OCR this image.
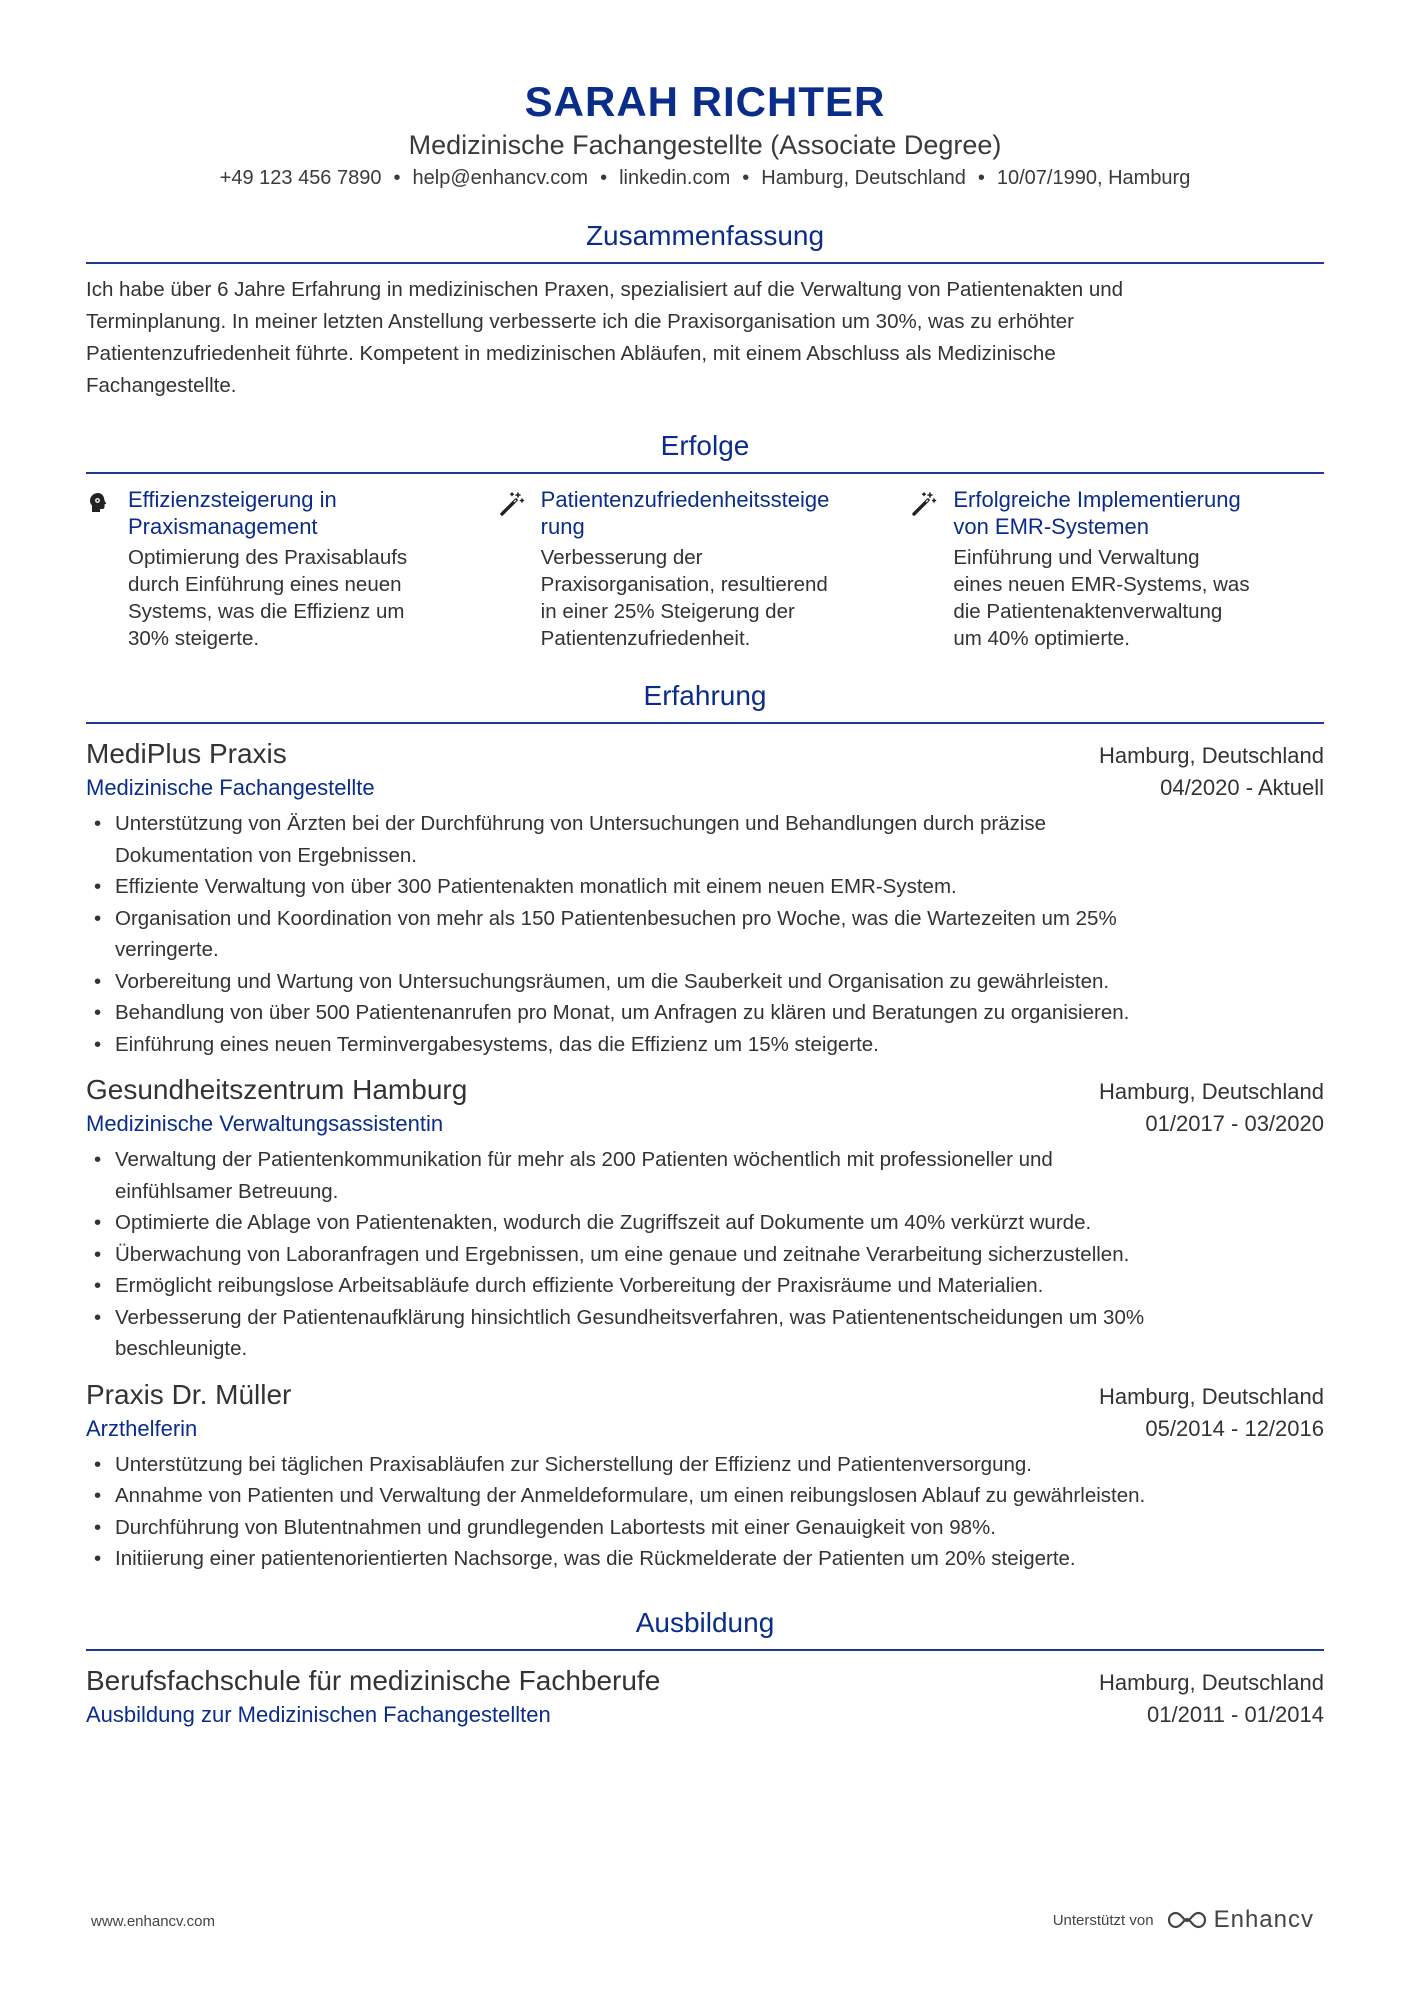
SARAH RICHTER
Medizinische Fachangestellte (Associate Degree)
+49 123 456 7890 • help@enhancv.com • linkedin.com • Hamburg, Deutschland • 10/07/1990, Hamburg
Zusammenfassung
Ich habe über 6 Jahre Erfahrung in medizinischen Praxen, spezialisiert auf die Verwaltung von Patientenakten und
Terminplanung. In meiner letzten Anstellung verbesserte ich die Praxisorganisation um 30%, was zu erhöhter
Patientenzufriedenheit führte. Kompetent in medizinischen Abläufen, mit einem Abschluss als Medizinische
Fachangestellte.
Erfolge
Effizienzsteigerung in
Praxismanagement
Optimierung des Praxisablaufs
durch Einführung eines neuen
Systems, was die Effizienz um
30% steigerte.
Patientenzufriedenheitssteige
rung
Verbesserung der
Praxisorganisation, resultierend
in einer 25% Steigerung der
Patientenzufriedenheit.
Erfolgreiche Implementierung
von EMR-Systemen
Einführung und Verwaltung
eines neuen EMR-Systems, was
die Patientenaktenverwaltung
um 40% optimierte.
Erfahrung
MediPlus Praxis	Hamburg, Deutschland
Medizinische Fachangestellte	04/2020 - Aktuell
• Unterstützung von Ärzten bei der Durchführung von Untersuchungen und Behandlungen durch präzise
Dokumentation von Ergebnissen.
• Effiziente Verwaltung von über 300 Patientenakten monatlich mit einem neuen EMR-System.
• Organisation und Koordination von mehr als 150 Patientenbesuchen pro Woche, was die Wartezeiten um 25%
verringerte.
• Vorbereitung und Wartung von Untersuchungsräumen, um die Sauberkeit und Organisation zu gewährleisten.
• Behandlung von über 500 Patientenanrufen pro Monat, um Anfragen zu klären und Beratungen zu organisieren.
• Einführung eines neuen Terminvergabesystems, das die Effizienz um 15% steigerte.
Gesundheitszentrum Hamburg	Hamburg, Deutschland
Medizinische Verwaltungsassistentin	01/2017 - 03/2020
• Verwaltung der Patientenkommunikation für mehr als 200 Patienten wöchentlich mit professioneller und
einfühlsamer Betreuung.
• Optimierte die Ablage von Patientenakten, wodurch die Zugriffszeit auf Dokumente um 40% verkürzt wurde.
• Überwachung von Laboranfragen und Ergebnissen, um eine genaue und zeitnahe Verarbeitung sicherzustellen.
• Ermöglicht reibungslose Arbeitsabläufe durch effiziente Vorbereitung der Praxisräume und Materialien.
• Verbesserung der Patientenaufklärung hinsichtlich Gesundheitsverfahren, was Patientenentscheidungen um 30%
beschleunigte.
Praxis Dr. Müller	Hamburg, Deutschland
Arzthelferin	05/2014 - 12/2016
• Unterstützung bei täglichen Praxisabläufen zur Sicherstellung der Effizienz und Patientenversorgung.
• Annahme von Patienten und Verwaltung der Anmeldeformulare, um einen reibungslosen Ablauf zu gewährleisten.
• Durchführung von Blutentnahmen und grundlegenden Labortests mit einer Genauigkeit von 98%.
• Initiierung einer patientenorientierten Nachsorge, was die Rückmelderate der Patienten um 20% steigerte.
Ausbildung
Berufsfachschule für medizinische Fachberufe	Hamburg, Deutschland
Ausbildung zur Medizinischen Fachangestellten	01/2011 - 01/2014
www.enhancv.com	Unterstützt von	Enhancv
